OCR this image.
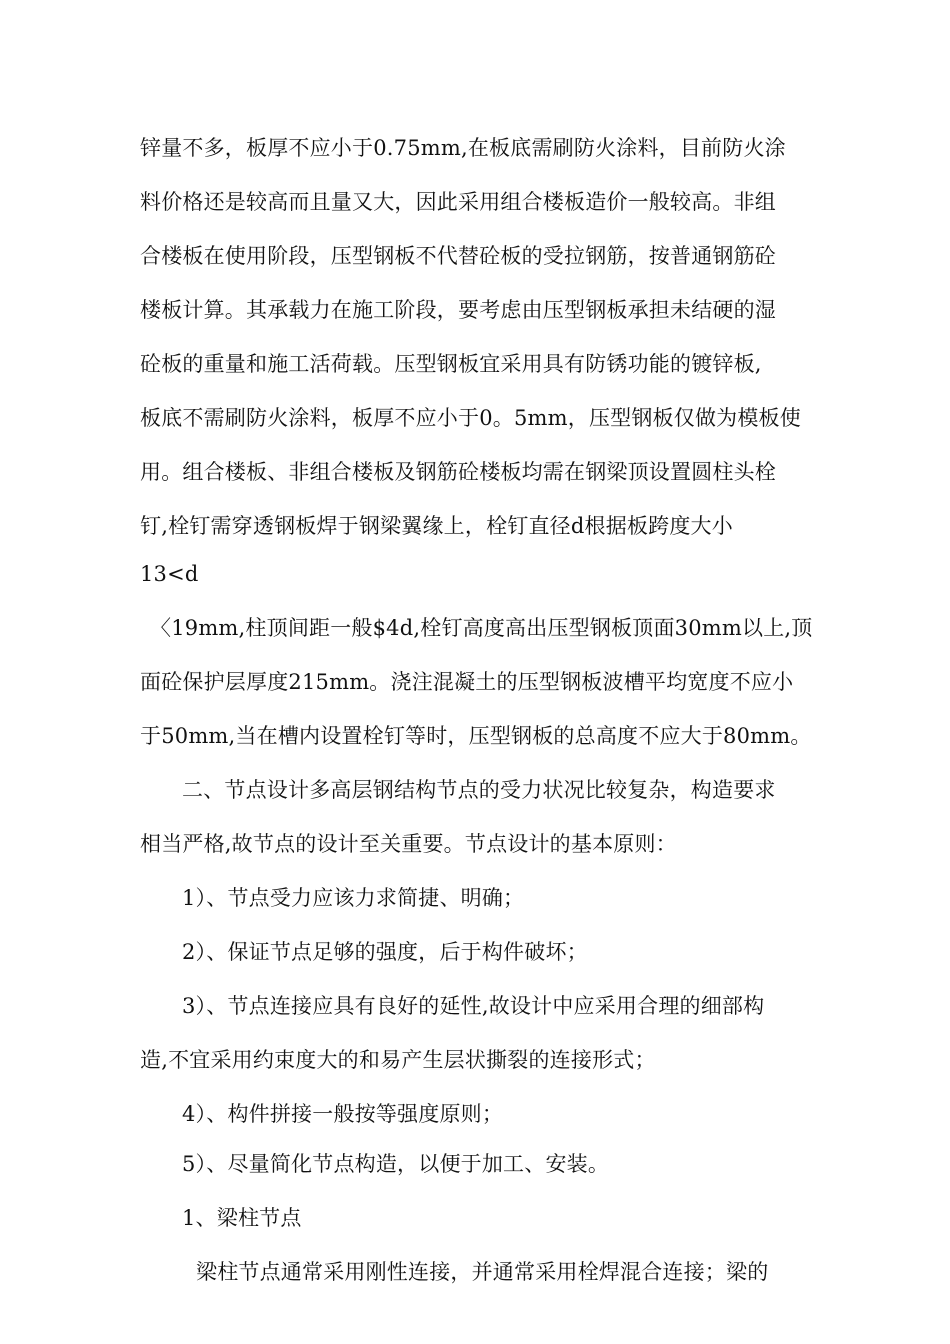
锌量不多，板厚不应小于0.75mm,在板底需刷防火涂料，目前防火涂
料价格还是较高而且量又大，因此采用组合楼板造价一般较高。非组
合楼板在使用阶段，压型钢板不代替砼板的受拉钢筋，按普通钢筋砼
楼板计算。其承载力在施工阶段，要考虑由压型钢板承担未结硬的湿
砼板的重量和施工活荷载。压型钢板宜采用具有防锈功能的镀锌板,
板底不需刷防火涂料，板厚不应小于0。5mm，压型钢板仅做为模板使
用。组合楼板、非组合楼板及钢筋砼楼板均需在钢梁顶设置圆柱头栓
钉,栓钉需穿透钢板焊于钢梁翼缘上，栓钉直径d根据板跨度大小
13<d
〈19mm,柱顶间距一般$4d,栓钉高度高出压型钢板顶面30mm以上,顶
面砼保护层厚度215mm。浇注混凝土的压型钢板波槽平均宽度不应小
于50mm,当在槽内设置栓钉等时，压型钢板的总高度不应大于80mm。
二、节点设计多高层钢结构节点的受力状况比较复杂，构造要求
相当严格,故节点的设计至关重要。节点设计的基本原则：
1）、节点受力应该力求简捷、明确；
2）、保证节点足够的强度，后于构件破坏；
3）、节点连接应具有良好的延性,故设计中应采用合理的细部构
造,不宜采用约束度大的和易产生层状撕裂的连接形式；
4）、构件拼接一般按等强度原则；
5）、尽量简化节点构造，以便于加工、安装。
1、梁柱节点
梁柱节点通常采用刚性连接，并通常采用栓焊混合连接；梁的
